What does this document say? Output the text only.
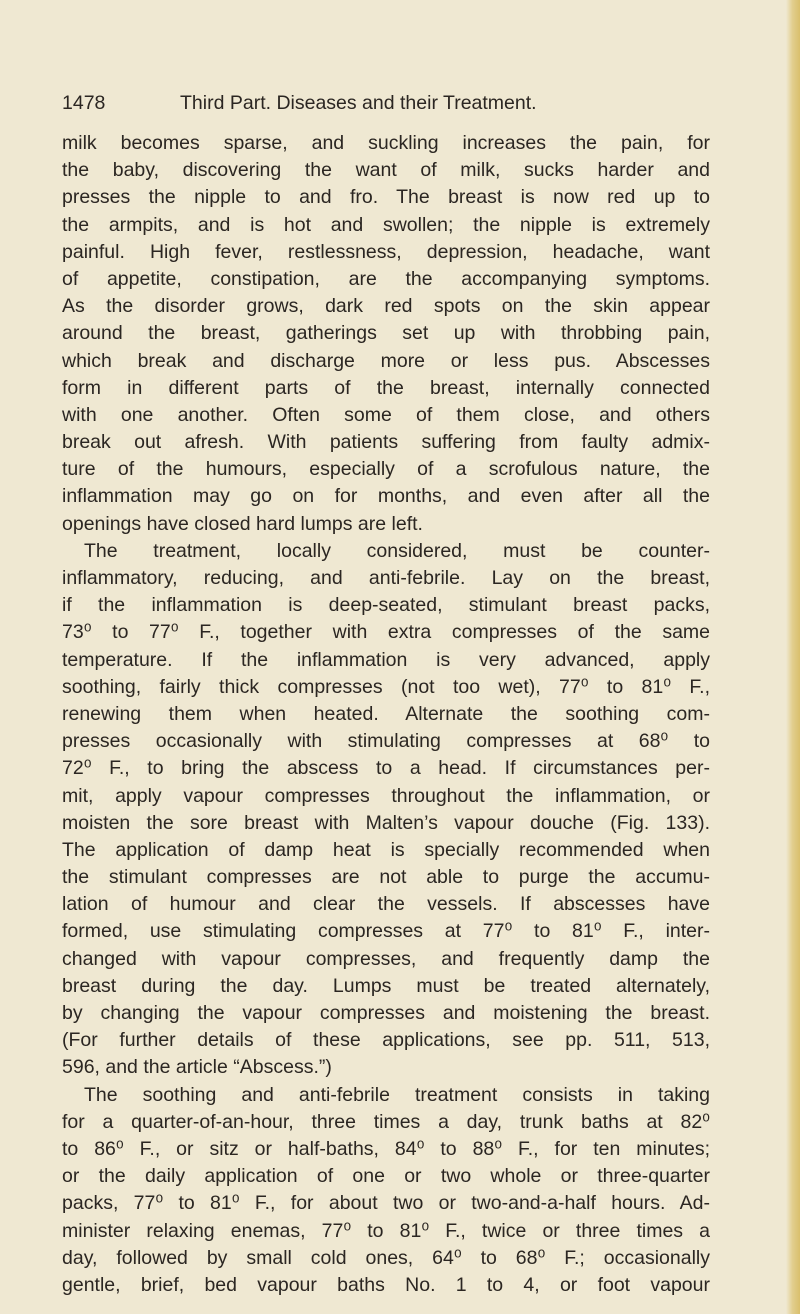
1478	Third Part. Diseases and their Treatment.
milk becomes sparse, and suckling increases the pain, for
the baby, discovering the want of milk, sucks harder and
presses the nipple to and fro. The breast is now red up to
the armpits, and is hot and swollen; the nipple is extremely
painful. High fever, restlessness, depression, headache, want
of appetite, constipation, are the accompanying symptoms.
As the disorder grows, dark red spots on the skin appear
around the breast, gatherings set up with throbbing pain,
which break and discharge more or less pus. Abscesses
form in different parts of the breast, internally connected
with one another. Often some of them close, and others
break out afresh. With patients suffering from faulty admix-
ture of the humours, especially of a scrofulous nature, the
inflammation may go on for months, and even after all the
openings have closed hard lumps are left.
The treatment, locally considered, must be counter-
inflammatory, reducing, and anti-febrile. Lay on the breast,
if the inflammation is deep-seated, stimulant breast packs,
73⁰ to 77⁰ F., together with extra compresses of the same
temperature. If the inflammation is very advanced, apply
soothing, fairly thick compresses (not too wet), 77⁰ to 81⁰ F.,
renewing them when heated. Alternate the soothing com-
presses occasionally with stimulating compresses at 68⁰ to
72⁰ F., to bring the abscess to a head. If circumstances per-
mit, apply vapour compresses throughout the inflammation, or
moisten the sore breast with Malten’s vapour douche (Fig. 133).
The application of damp heat is specially recommended when
the stimulant compresses are not able to purge the accumu-
lation of humour and clear the vessels. If abscesses have
formed, use stimulating compresses at 77⁰ to 81⁰ F., inter-
changed with vapour compresses, and frequently damp the
breast during the day. Lumps must be treated alternately,
by changing the vapour compresses and moistening the breast.
(For further details of these applications, see pp. 511, 513,
596, and the article “Abscess.”)
The soothing and anti-febrile treatment consists in taking
for a quarter-of-an-hour, three times a day, trunk baths at 82⁰
to 86⁰ F., or sitz or half-baths, 84⁰ to 88⁰ F., for ten minutes;
or the daily application of one or two whole or three-quarter
packs, 77⁰ to 81⁰ F., for about two or two-and-a-half hours. Ad-
minister relaxing enemas, 77⁰ to 81⁰ F., twice or three times a
day, followed by small cold ones, 64⁰ to 68⁰ F.; occasionally
gentle, brief, bed vapour baths No. 1 to 4, or foot vapour
